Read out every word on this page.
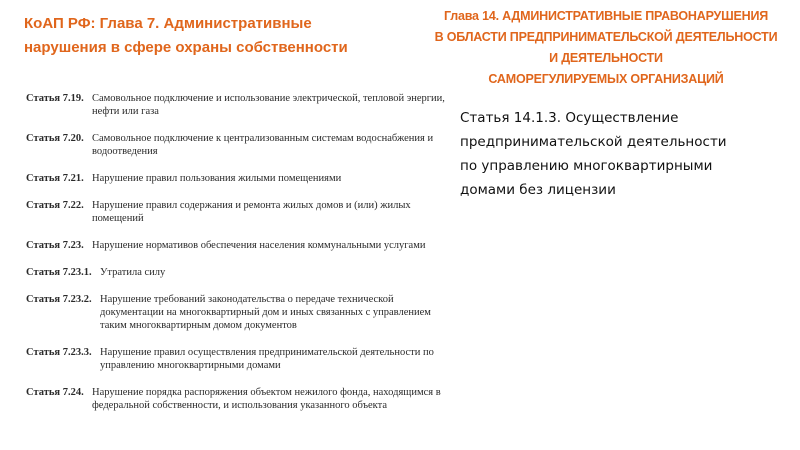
КоАП РФ: Глава 7. Административные
нарушения в сфере охраны собственности
Статья 7.19. Самовольное подключение и использование электрической, тепловой энергии, нефти или газа
Статья 7.20. Самовольное подключение к централизованным системам водоснабжения и водоотведения
Статья 7.21. Нарушение правил пользования жилыми помещениями
Статья 7.22. Нарушение правил содержания и ремонта жилых домов и (или) жилых помещений
Статья 7.23. Нарушение нормативов обеспечения населения коммунальными услугами
Статья 7.23.1. Утратила силу
Статья 7.23.2. Нарушение требований законодательства о передаче технической документации на многоквартирный дом и иных связанных с управлением таким многоквартирным домом документов
Статья 7.23.3. Нарушение правил осуществления предпринимательской деятельности по управлению многоквартирными домами
Статья 7.24. Нарушение порядка распоряжения объектом нежилого фонда, находящимся в федеральной собственности, и использования указанного объекта
Глава 14. АДМИНИСТРАТИВНЫЕ ПРАВОНАРУШЕНИЯ
В ОБЛАСТИ ПРЕДПРИНИМАТЕЛЬСКОЙ ДЕЯТЕЛЬНОСТИ
И ДЕЯТЕЛЬНОСТИ
САМОРЕГУЛИРУЕМЫХ ОРГАНИЗАЦИЙ
Статья 14.1.3. Осуществление
предпринимательской деятельности
по управлению многоквартирными
домами без лицензии
